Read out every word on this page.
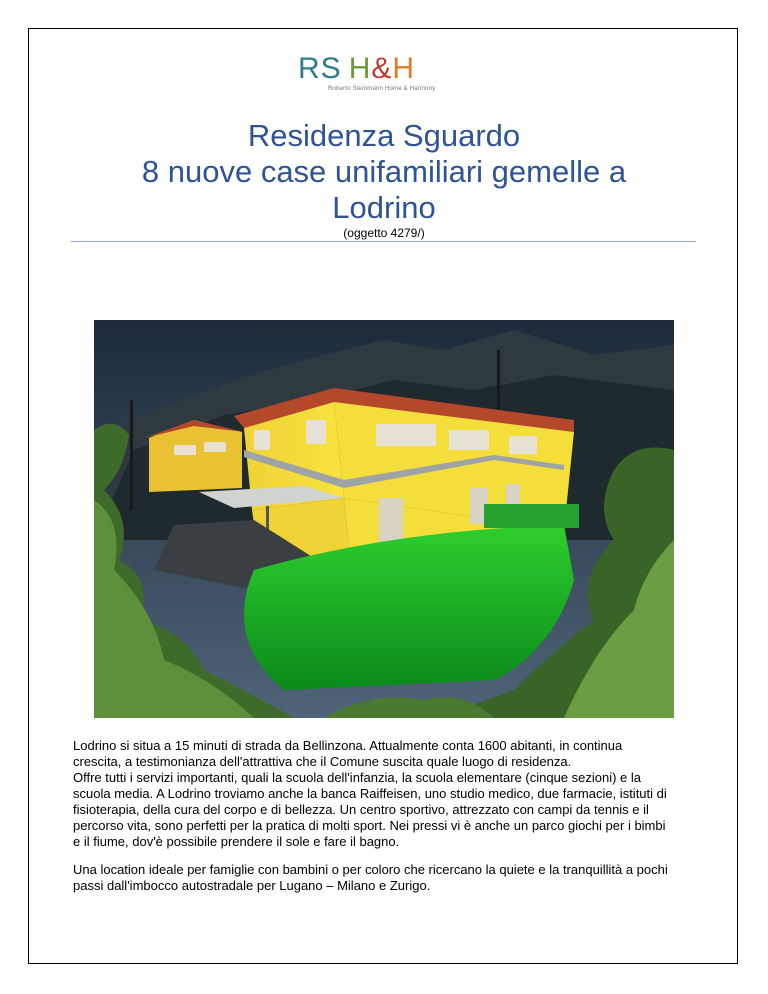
RS  H&H
Roberto Steinmann Home & Harmony
Residenza Sguardo
8 nuove case unifamiliari gemelle a
Lodrino
(oggetto 4279/)

Lodrino si situa a 15 minuti di strada da Bellinzona. Attualmente conta 1600 abitanti, in continua
crescita, a testimonianza dell'attrattiva che il Comune suscita quale luogo di residenza.
Offre tutti i servizi importanti, quali la scuola dell'infanzia, la scuola elementare (cinque sezioni) e la
scuola media. A Lodrino troviamo anche la banca Raiffeisen, uno studio medico, due farmacie, istituti di
fisioterapia, della cura del corpo e di bellezza. Un centro sportivo, attrezzato con campi da tennis e il
percorso vita, sono perfetti per la pratica di molti sport. Nei pressi vi è anche un parco giochi per i bimbi
e il fiume, dov'è possibile prendere il sole e fare il bagno.

Una location ideale per famiglie con bambini o per coloro che ricercano la quiete e la tranquillità a pochi
passi dall'imbocco autostradale per Lugano – Milano e Zurigo.
